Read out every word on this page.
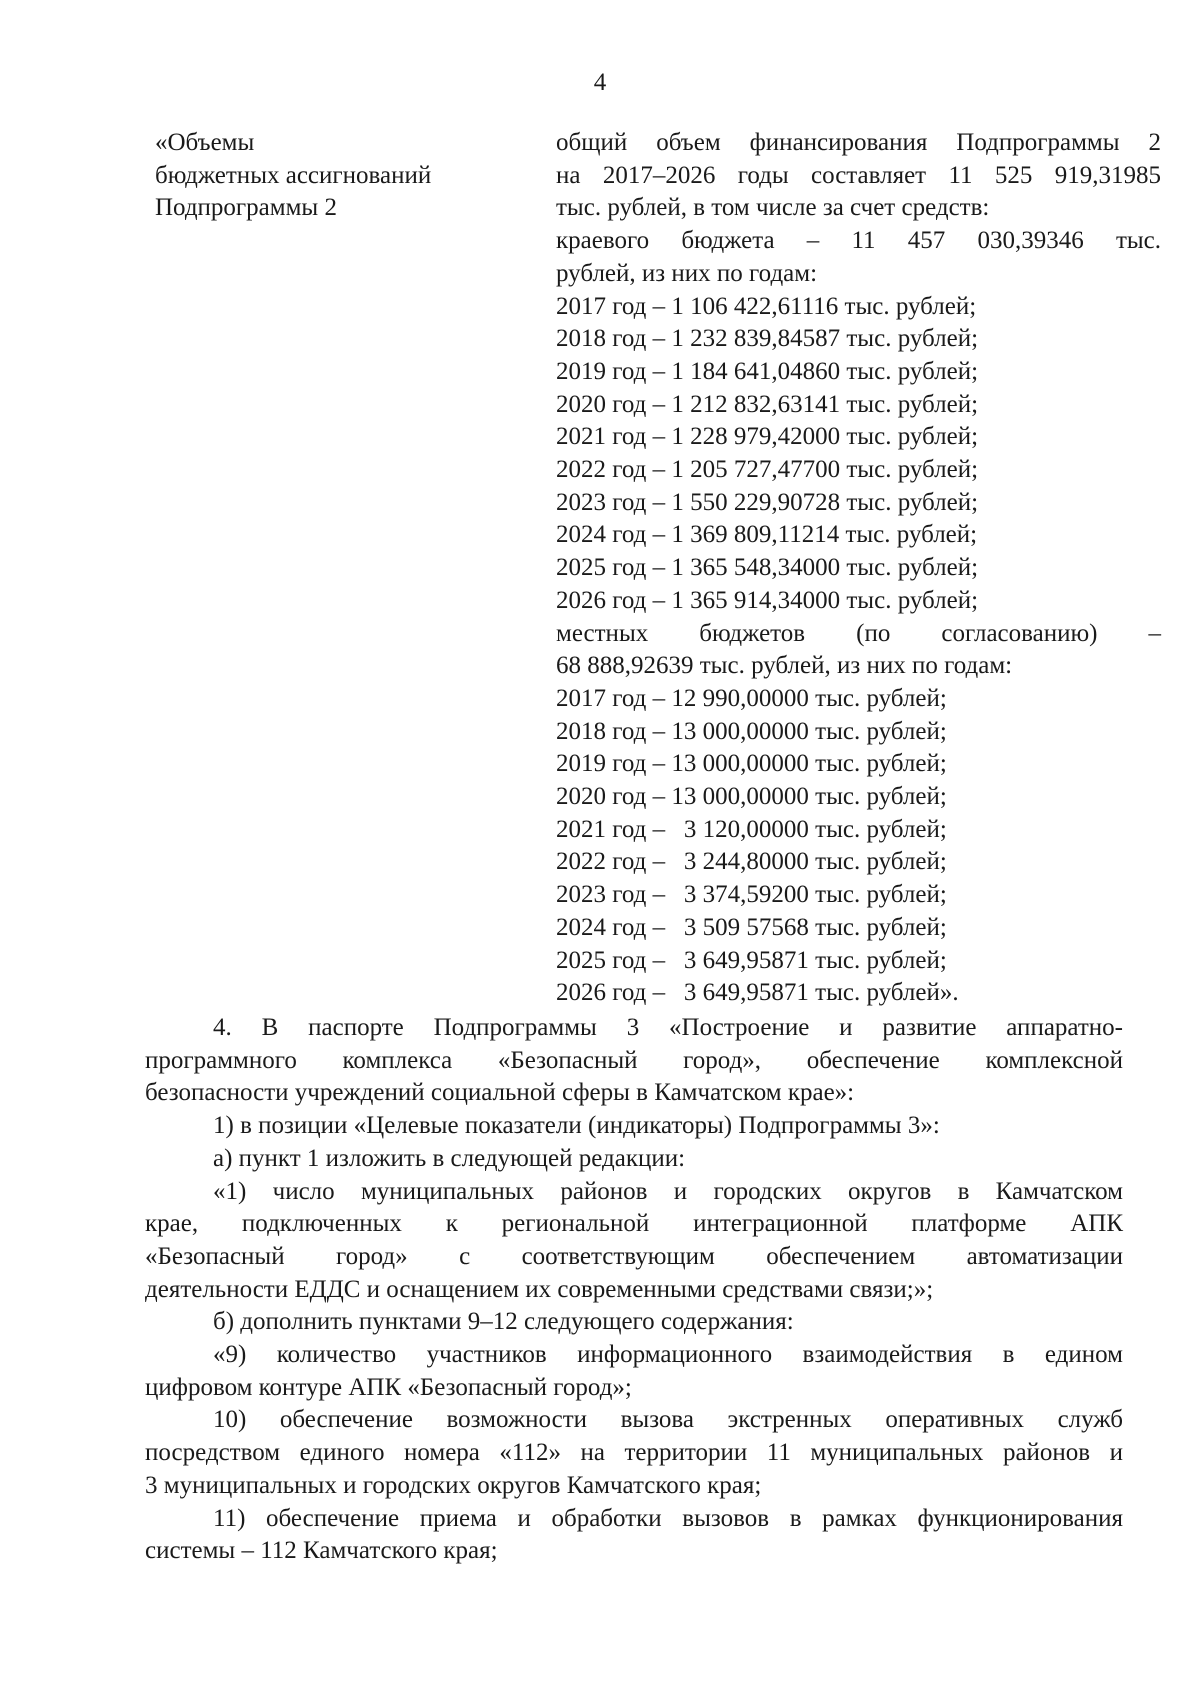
4
«Объемы
бюджетных ассигнований
Подпрограммы 2
общий объем финансирования Подпрограммы 2
на 2017–2026 годы составляет 11 525 919,31985
тыс. рублей, в том числе за счет средств:
краевого бюджета – 11 457 030,39346 тыс.
рублей, из них по годам:
2017 год – 1 106 422,61116 тыс. рублей;
2018 год – 1 232 839,84587 тыс. рублей;
2019 год – 1 184 641,04860 тыс. рублей;
2020 год – 1 212 832,63141 тыс. рублей;
2021 год – 1 228 979,42000 тыс. рублей;
2022 год – 1 205 727,47700 тыс. рублей;
2023 год – 1 550 229,90728 тыс. рублей;
2024 год – 1 369 809,11214 тыс. рублей;
2025 год – 1 365 548,34000 тыс. рублей;
2026 год – 1 365 914,34000 тыс. рублей;
местных бюджетов (по согласованию) –
68 888,92639 тыс. рублей, из них по годам:
2017 год – 12 990,00000 тыс. рублей;
2018 год – 13 000,00000 тыс. рублей;
2019 год – 13 000,00000 тыс. рублей;
2020 год – 13 000,00000 тыс. рублей;
2021 год – 3 120,00000 тыс. рублей;
2022 год – 3 244,80000 тыс. рублей;
2023 год – 3 374,59200 тыс. рублей;
2024 год – 3 509 57568 тыс. рублей;
2025 год – 3 649,95871 тыс. рублей;
2026 год – 3 649,95871 тыс. рублей».
4. В паспорте Подпрограммы 3 «Построение и развитие аппаратно-
программного комплекса «Безопасный город», обеспечение комплексной
безопасности учреждений социальной сферы в Камчатском крае»:
1) в позиции «Целевые показатели (индикаторы) Подпрограммы 3»:
а) пункт 1 изложить в следующей редакции:
«1) число муниципальных районов и городских округов в Камчатском
крае, подключенных к региональной интеграционной платформе АПК
«Безопасный город» с соответствующим обеспечением автоматизации
деятельности ЕДДС и оснащением их современными средствами связи;»;
б) дополнить пунктами 9–12 следующего содержания:
«9) количество участников информационного взаимодействия в едином
цифровом контуре АПК «Безопасный город»;
10) обеспечение возможности вызова экстренных оперативных служб
посредством единого номера «112» на территории 11 муниципальных районов и
3 муниципальных и городских округов Камчатского края;
11) обеспечение приема и обработки вызовов в рамках функционирования
системы – 112 Камчатского края;
